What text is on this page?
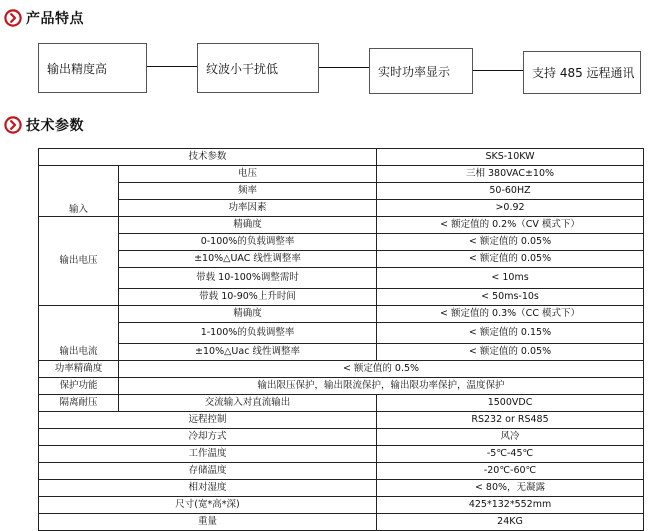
产品特点
输出精度高	纹波小干扰低	实时功率显示	支持 485 远程通讯
技术参数
技术参数		SKS-10KW
输入	电压	三相 380VAC±10%
	频率	50-60HZ
	功率因素	>0.92
输出电压	精确度	< 额定值的 0.2%（CV 模式下）
	0-100%的负载调整率	< 额定值的 0.05%
	±10%△UAC 线性调整率	< 额定值的 0.05%
	带载 10-100%调整需时	< 10ms
	带载 10-90%上升时间	< 50ms-10s
输出电流	精确度	< 额定值的 0.3%（CC 模式下）
	1-100%的负载调整率	< 额定值的 0.15%
	±10%△Uac 线性调整率	< 额定值的 0.05%
功率精确度	< 额定值的 0.5%	
保护功能	输出限压保护，输出限流保护，输出限功率保护，温度保护	
隔离耐压	交流输入对直流输出	1500VDC
远程控制		RS232 or RS485
冷却方式		风冷
工作温度		-5℃-45℃
存储温度		-20℃-60℃
相对湿度		< 80%，无凝露
尺寸(宽*高*深)		425*132*552mm
重量		24KG
